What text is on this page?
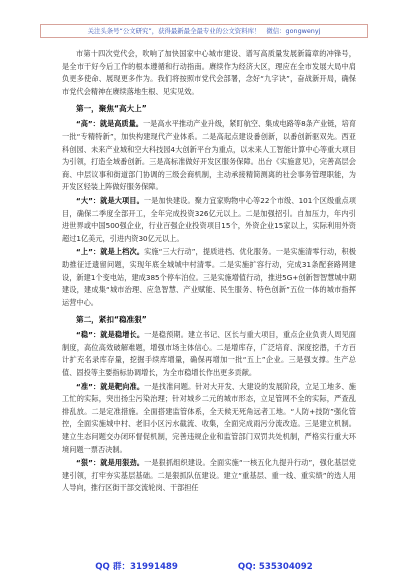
关注头条号“公文研究”，获得最新最全最专业的公文资料库！ 微信：gongwenyj

市第十四次党代会，吹响了加快国家中心城市建设、谱写高质量发展新篇章的冲锋号，是全市干好今后工作的根本遵循和行动指南。赓续作为经济大区，理应在全市发展大局中肩负更多使命、展现更多作为。我们将按照市党代会部署，念好“九字诀”，奋战新开局，确保市党代会精神在赓续落地生根、见实见效。

第一，聚焦“高大上”

“高”：就是高质量。一是高水平推动产业升级，紧盯航空、集成电路等8条产业链，培育一批“专精特新”，加快构建现代产业体系。二是高起点建设番创新，以番创新驱双先。西亚科创园、未来产业城和空大科技园4大创新平台为重点，以未来人工智能计算中心等重大项目为引领，打造全域番创新。三是高标准做好开发区服务保障。出台《实施意见》，完善高层会商、中层议事和街道部门协调的三级会商机制，主动承接精简测离的社会事务管理职能，为开发区轻装上阵做好服务保障。

“大”：就是大项目。一是加快建设。聚力宜家购物中心等22个市级、101个区级重点项目，确保二季度全部开工，全年完成投资326亿元以上。二是加强招引。自加压力，年内引进世界或中国500强企业，行业百强企业投资项目15个，外资企业15家以上，实际利用外资超过1亿美元，引进内资30亿元以上。

“上”：就是上档次。实施“三大行动”，提质进档、优化服务。一是实施清零行动，积极助推征迁遗留问题，实现年底全城城中村清零。二是实施扩容行动，完成31条配套路网建设，新建1个变电站，建成385个停车泊位。三是实施增值行动，推进5G+创新智智慧城中期建设，建成集“城市治理、应急智慧、产业赋能、民生服务、特色创新”五位一体的城市指挥运营中心。

第二，紧扣“稳准狠”

“稳”：就是稳增长。一是稳预期。建立书记、区长与重大项目，重点企业负责人周见面制度，高位高效破解难题，增强市场主体信心。二是增库存，广泛培育、深度挖潜，千方百计扩充名录库存量，挖掘手续库增量，确保再增加一批“五上”企业。三是强支撑。生产总值、固投等主要指标协调增长，为全市稳增长作出更多贡献。

“准”：就是靶向准。一是找准问题。针对大开发、大建设的发展阶段，立足工地多、施工忙的实际，突出扬尘污染治理；针对城乡二元的城市形态，立足管网不全的实际，严查乱排乱放。二是定准措施。全面搭建监管体系，全天候无死角远者工地。“人防+技防”强化管控，全面实施城中村、老旧小区污水截流、收集，全面完成雨污分流改造。三是建立机制。建立生态问题交办闭环督促机制，完善违规企业和监管部门双罚共处机制，严格实行重大环境问题一票否决制。

“狠”：就是用狠劲。一是狠抓组织建设。全面实施“一核五化九提升行动”，强化基层党建引领，打牢夯实基层基础。二是狠抓队伍建设。建立“重基层、重一线、重实绩”的选人用人导向，推行区街干部交流轮岗、干部担任

QQ 群：31991489	QQ: 535304092
